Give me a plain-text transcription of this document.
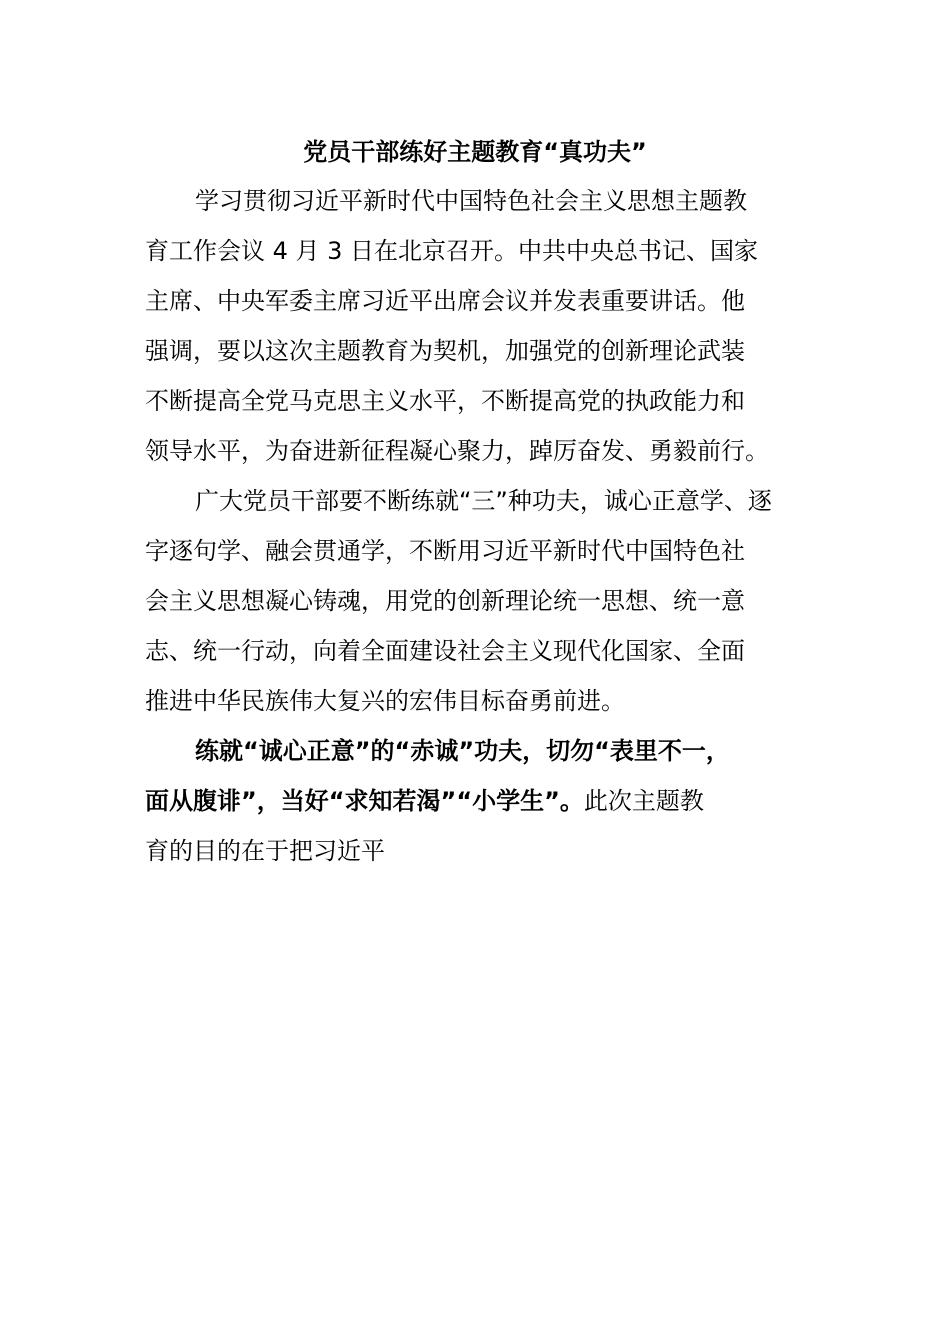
党员干部练好主题教育“真功夫”

学习贯彻习近平新时代中国特色社会主义思想主题教

育工作会议 4 月 3 日在北京召开。中共中央总书记、国家

主席、中央军委主席习近平出席会议并发表重要讲话。他

强调，要以这次主题教育为契机，加强党的创新理论武装

不断提高全党马克思主义水平，不断提高党的执政能力和

领导水平，为奋进新征程凝心聚力，踔厉奋发、勇毅前行。

广大党员干部要不断练就“三”种功夫，诚心正意学、逐

字逐句学、融会贯通学，不断用习近平新时代中国特色社

会主义思想凝心铸魂，用党的创新理论统一思想、统一意

志、统一行动，向着全面建设社会主义现代化国家、全面

推进中华民族伟大复兴的宏伟目标奋勇前进。

练就“诚心正意”的“赤诚”功夫，切勿“表里不一，

面从腹诽”，当好“求知若渴”“小学生”。此次主题教

育的目的在于把习近平
